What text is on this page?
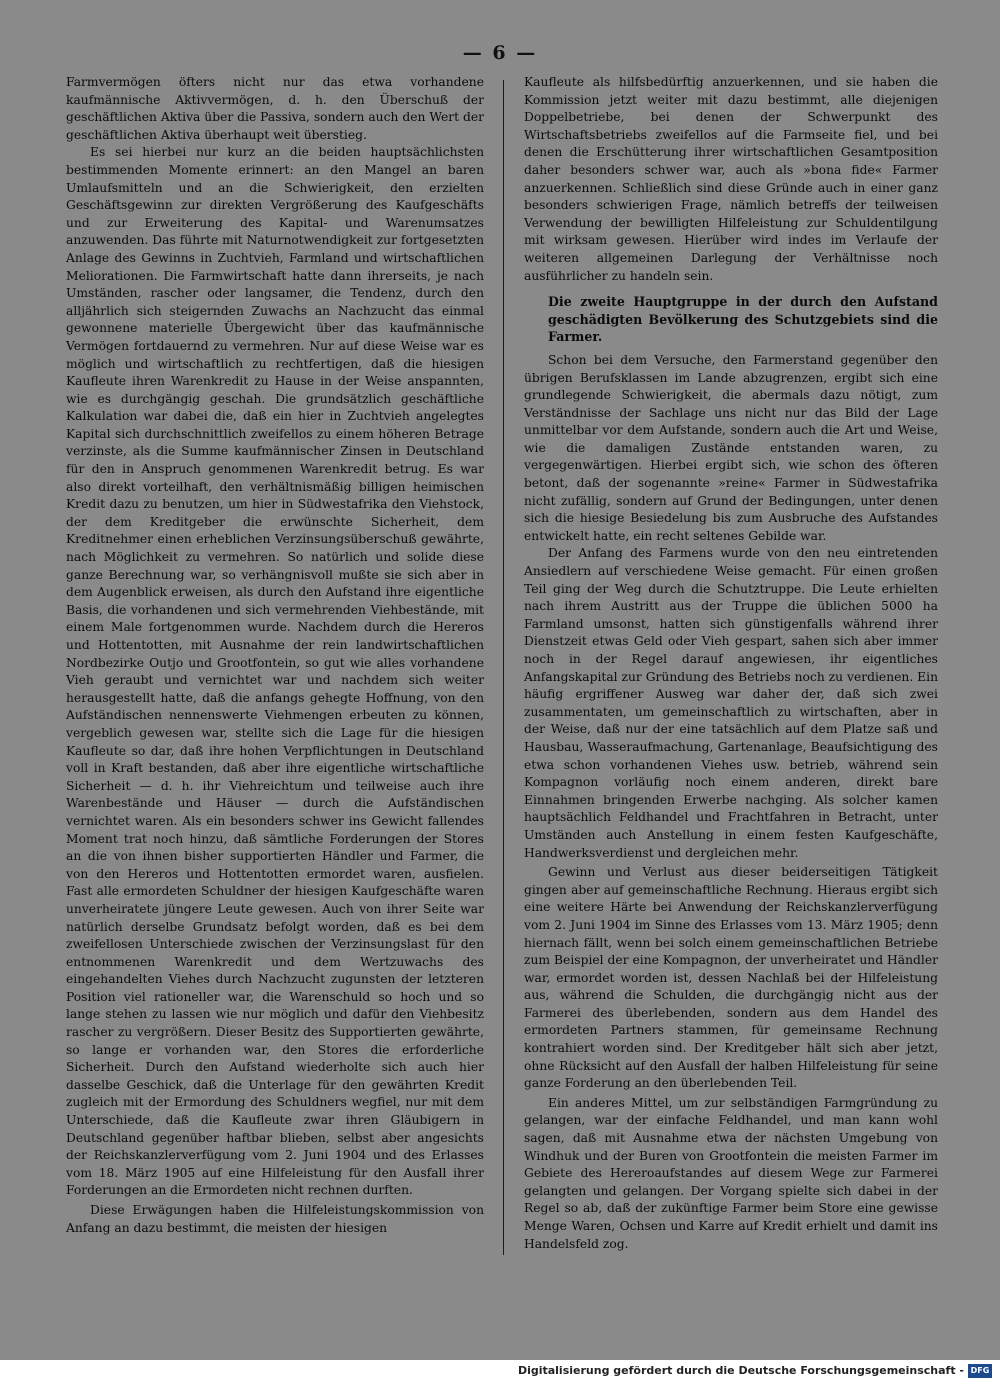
— 6 —

Farmvermögen öfters nicht nur das etwa vorhandene kaufmännische Aktivvermögen, d. h. den Überschuß der geschäftlichen Aktiva über die Passiva, sondern auch den Wert der geschäftlichen Aktiva überhaupt weit überstieg.

Es sei hierbei nur kurz an die beiden hauptsächlichsten bestimmenden Momente erinnert: an den Mangel an baren Umlaufsmitteln und an die Schwierigkeit, den erzielten Geschäftsgewinn zur direkten Vergrößerung des Kaufgeschäfts und zur Erweiterung des Kapital- und Warenumsatzes anzuwenden. Das führte mit Naturnotwendigkeit zur fortgesetzten Anlage des Gewinns in Zuchtvieh, Farmland und wirtschaftlichen Meliorationen. Die Farmwirtschaft hatte dann ihrerseits, je nach Umständen, rascher oder langsamer, die Tendenz, durch den alljährlich sich steigernden Zuwachs an Nachzucht das einmal gewonnene materielle Übergewicht über das kaufmännische Vermögen fortdauernd zu vermehren. Nur auf diese Weise war es möglich und wirtschaftlich zu rechtfertigen, daß die hiesigen Kaufleute ihren Warenkredit zu Hause in der Weise anspannten, wie es durchgängig geschah. Die grundsätzlich geschäftliche Kalkulation war dabei die, daß ein hier in Zuchtvieh angelegtes Kapital sich durchschnittlich zweifellos zu einem höheren Betrage verzinste, als die Summe kaufmännischer Zinsen in Deutschland für den in Anspruch genommenen Warenkredit betrug. Es war also direkt vorteilhaft, den verhältnismäßig billigen heimischen Kredit dazu zu benutzen, um hier in Südwestafrika den Viehstock, der dem Kreditgeber die erwünschte Sicherheit, dem Kreditnehmer einen erheblichen Verzinsungsüberschuß gewährte, nach Möglichkeit zu vermehren. So natürlich und solide diese ganze Berechnung war, so verhängnisvoll mußte sie sich aber in dem Augenblick erweisen, als durch den Aufstand ihre eigentliche Basis, die vorhandenen und sich vermehrenden Viehbestände, mit einem Male fortgenommen wurde. Nachdem durch die Hereros und Hottentotten, mit Ausnahme der rein landwirtschaftlichen Nordbezirke Outjo und Grootfontein, so gut wie alles vorhandene Vieh geraubt und vernichtet war und nachdem sich weiter herausgestellt hatte, daß die anfangs gehegte Hoffnung, von den Aufständischen nennenswerte Viehmengen erbeuten zu können, vergeblich gewesen war, stellte sich die Lage für die hiesigen Kaufleute so dar, daß ihre hohen Verpflichtungen in Deutschland voll in Kraft bestanden, daß aber ihre eigentliche wirtschaftliche Sicherheit — d. h. ihr Viehreichtum und teilweise auch ihre Warenbestände und Häuser — durch die Aufständischen vernichtet waren. Als ein besonders schwer ins Gewicht fallendes Moment trat noch hinzu, daß sämtliche Forderungen der Stores an die von ihnen bisher supportierten Händler und Farmer, die von den Hereros und Hottentotten ermordet waren, ausfielen. Fast alle ermordeten Schuldner der hiesigen Kaufgeschäfte waren unverheiratete jüngere Leute gewesen. Auch von ihrer Seite war natürlich derselbe Grundsatz befolgt worden, daß es bei dem zweifellosen Unterschiede zwischen der Verzinsungslast für den entnommenen Warenkredit und dem Wertzuwachs des eingehandelten Viehes durch Nachzucht zugunsten der letzteren Position viel rationeller war, die Warenschuld so hoch und so lange stehen zu lassen wie nur möglich und dafür den Viehbesitz rascher zu vergrößern. Dieser Besitz des Supportierten gewährte, so lange er vorhanden war, den Stores die erforderliche Sicherheit. Durch den Aufstand wiederholte sich auch hier dasselbe Geschick, daß die Unterlage für den gewährten Kredit zugleich mit der Ermordung des Schuldners wegfiel, nur mit dem Unterschiede, daß die Kaufleute zwar ihren Gläubigern in Deutschland gegenüber haftbar blieben, selbst aber angesichts der Reichskanzlerverfügung vom 2. Juni 1904 und des Erlasses vom 18. März 1905 auf eine Hilfeleistung für den Ausfall ihrer Forderungen an die Ermordeten nicht rechnen durften.

Diese Erwägungen haben die Hilfeleistungskommission von Anfang an dazu bestimmt, die meisten der hiesigen

Kaufleute als hilfsbedürftig anzuerkennen, und sie haben die Kommission jetzt weiter mit dazu bestimmt, alle diejenigen Doppelbetriebe, bei denen der Schwerpunkt des Wirtschaftsbetriebs zweifellos auf die Farmseite fiel, und bei denen die Erschütterung ihrer wirtschaftlichen Gesamtposition daher besonders schwer war, auch als »bona fide« Farmer anzuerkennen. Schließlich sind diese Gründe auch in einer ganz besonders schwierigen Frage, nämlich betreffs der teilweisen Verwendung der bewilligten Hilfeleistung zur Schuldentilgung mit wirksam gewesen. Hierüber wird indes im Verlaufe der weiteren allgemeinen Darlegung der Verhältnisse noch ausführlicher zu handeln sein.

Die zweite Hauptgruppe in der durch den Aufstand geschädigten Bevölkerung des Schutzgebiets sind die Farmer.

Schon bei dem Versuche, den Farmerstand gegenüber den übrigen Berufsklassen im Lande abzugrenzen, ergibt sich eine grundlegende Schwierigkeit, die abermals dazu nötigt, zum Verständnisse der Sachlage uns nicht nur das Bild der Lage unmittelbar vor dem Aufstande, sondern auch die Art und Weise, wie die damaligen Zustände entstanden waren, zu vergegenwärtigen. Hierbei ergibt sich, wie schon des öfteren betont, daß der sogenannte »reine« Farmer in Südwestafrika nicht zufällig, sondern auf Grund der Bedingungen, unter denen sich die hiesige Besiedelung bis zum Ausbruche des Aufstandes entwickelt hatte, ein recht seltenes Gebilde war.

Der Anfang des Farmens wurde von den neu eintretenden Ansiedlern auf verschiedene Weise gemacht. Für einen großen Teil ging der Weg durch die Schutztruppe. Die Leute erhielten nach ihrem Austritt aus der Truppe die üblichen 5000 ha Farmland umsonst, hatten sich günstigenfalls während ihrer Dienstzeit etwas Geld oder Vieh gespart, sahen sich aber immer noch in der Regel darauf angewiesen, ihr eigentliches Anfangskapital zur Gründung des Betriebs noch zu verdienen. Ein häufig ergriffener Ausweg war daher der, daß sich zwei zusammentaten, um gemeinschaftlich zu wirtschaften, aber in der Weise, daß nur der eine tatsächlich auf dem Platze saß und Hausbau, Wasseraufmachung, Gartenanlage, Beaufsichtigung des etwa schon vorhandenen Viehes usw. betrieb, während sein Kompagnon vorläufig noch einem anderen, direkt bare Einnahmen bringenden Erwerbe nachging. Als solcher kamen hauptsächlich Feldhandel und Frachtfahren in Betracht, unter Umständen auch Anstellung in einem festen Kaufgeschäfte, Handwerksverdienst und dergleichen mehr.

Gewinn und Verlust aus dieser beiderseitigen Tätigkeit gingen aber auf gemeinschaftliche Rechnung. Hieraus ergibt sich eine weitere Härte bei Anwendung der Reichskanzlerverfügung vom 2. Juni 1904 im Sinne des Erlasses vom 13. März 1905; denn hiernach fällt, wenn bei solch einem gemeinschaftlichen Betriebe zum Beispiel der eine Kompagnon, der unverheiratet und Händler war, ermordet worden ist, dessen Nachlaß bei der Hilfeleistung aus, während die Schulden, die durchgängig nicht aus der Farmerei des überlebenden, sondern aus dem Handel des ermordeten Partners stammen, für gemeinsame Rechnung kontrahiert worden sind. Der Kreditgeber hält sich aber jetzt, ohne Rücksicht auf den Ausfall der halben Hilfeleistung für seine ganze Forderung an den überlebenden Teil.

Ein anderes Mittel, um zur selbständigen Farmgründung zu gelangen, war der einfache Feldhandel, und man kann wohl sagen, daß mit Ausnahme etwa der nächsten Umgebung von Windhuk und der Buren von Grootfontein die meisten Farmer im Gebiete des Hereroaufstandes auf diesem Wege zur Farmerei gelangten und gelangen. Der Vorgang spielte sich dabei in der Regel so ab, daß der zukünftige Farmer beim Store eine gewisse Menge Waren, Ochsen und Karre auf Kredit erhielt und damit ins Handelsfeld zog.

Digitalisierung gefördert durch die Deutsche Forschungsgemeinschaft - DFG
